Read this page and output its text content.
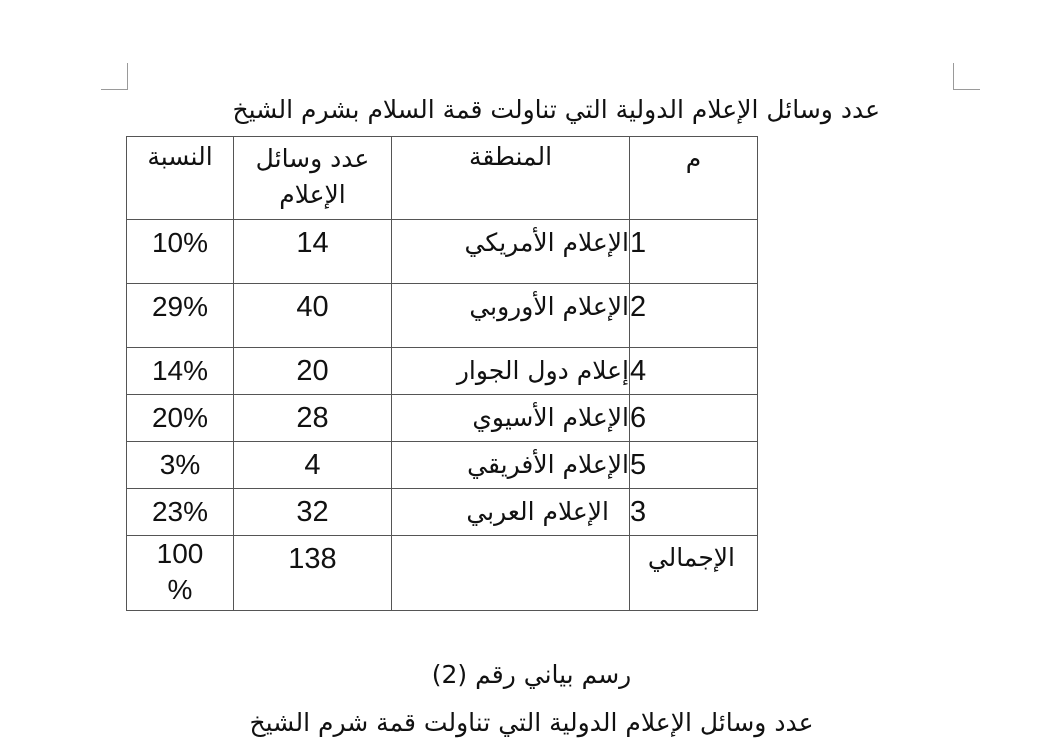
عدد وسائل الإعلام الدولية التي تناولت قمة السلام بشرم الشيخ
م	المنطقة	عدد وسائل الإعلام	النسبة

1	الإعلام الأمريكي	14	10%

2	الإعلام الأوروبي	40	29%

4	إعلام دول الجوار	20	14%

6	الإعلام الأسيوي	28	20%

5	الإعلام الأفريقي	4	3%

3	الإعلام العربي	32	23%

الإجمالي		138	100
%
رسم بياني رقم (2)
عدد وسائل الإعلام الدولية التي تناولت قمة شرم الشيخ
